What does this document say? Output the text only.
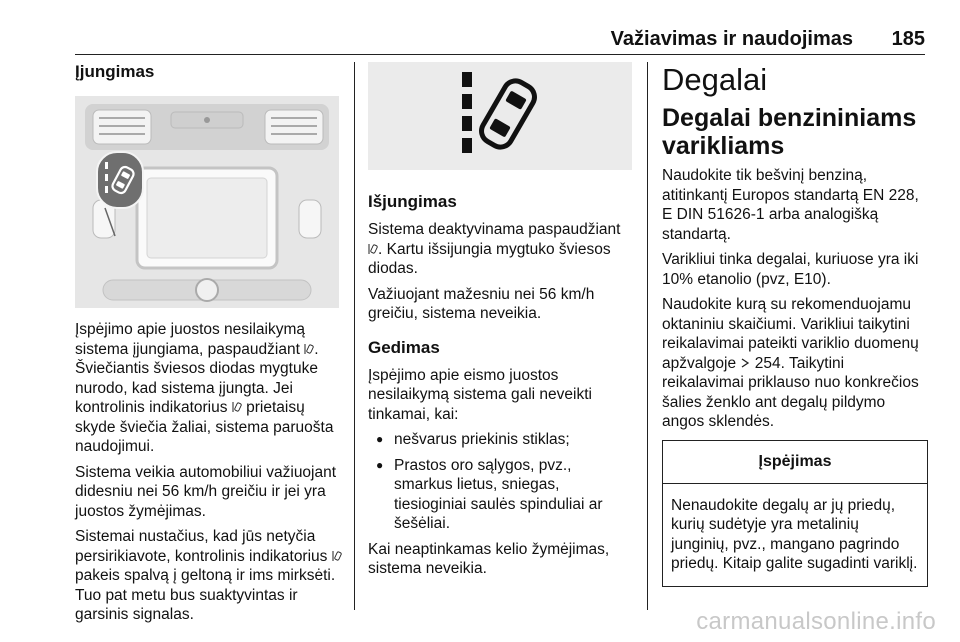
Važiavimas ir naudojimas 185
Įjungimas

Įspėjimo apie juostos nesilaikymą sistema įjungiama, paspaudžiant . Šviečiantis šviesos diodas mygtuke nurodo, kad sistema įjungta. Jei kontrolinis indikatorius prietaisų skyde šviečia žaliai, sistema paruošta naudojimui.

Sistema veikia automobiliui važiuojant didesniu nei 56 km/h greičiu ir jei yra juostos žymėjimas.

Sistemai nustačius, kad jūs netyčia persirikiavote, kontrolinis indikatorius  pakeis spalvą į geltoną ir ims mirksėti. Tuo pat metu bus suaktyvintas ir garsinis signalas.

Išjungimas

Sistema deaktyvinama paspaudžiant . Kartu išsijungia mygtuko šviesos diodas.

Važiuojant mažesniu nei 56 km/h greičiu, sistema neveikia.

Gedimas

Įspėjimo apie eismo juostos nesilaikymą sistema gali neveikti tinkamai, kai:

● nešvarus priekinis stiklas;
● Prastos oro sąlygos, pvz., smarkus lietus, sniegas, tiesioginiai saulės spinduliai ar šešėliai.

Kai neaptinkamas kelio žymėjimas, sistema neveikia.

Degalai
Degalai benzininiams varikliams

Naudokite tik bešvinį benziną, atitinkantį Europos standartą EN 228, E DIN 51626-1 arba analogišką standartą.

Varikliui tinka degalai, kuriuose yra iki 10% etanolio (pvz, E10).

Naudokite kurą su rekomenduojamu oktaniniu skaičiumi. Varikliui taikytini reikalavimai pateikti variklio duomenų apžvalgoje 254. Taikytini reikalavimai priklauso nuo konkrečios šalies ženklo ant degalų pildymo angos sklendės.

Įspėjimas

Nenaudokite degalų ar jų priedų, kurių sudėtyje yra metalinių junginių, pvz., mangano pagrindo priedų. Kitaip galite sugadinti variklį.

carmanualsonline.info
